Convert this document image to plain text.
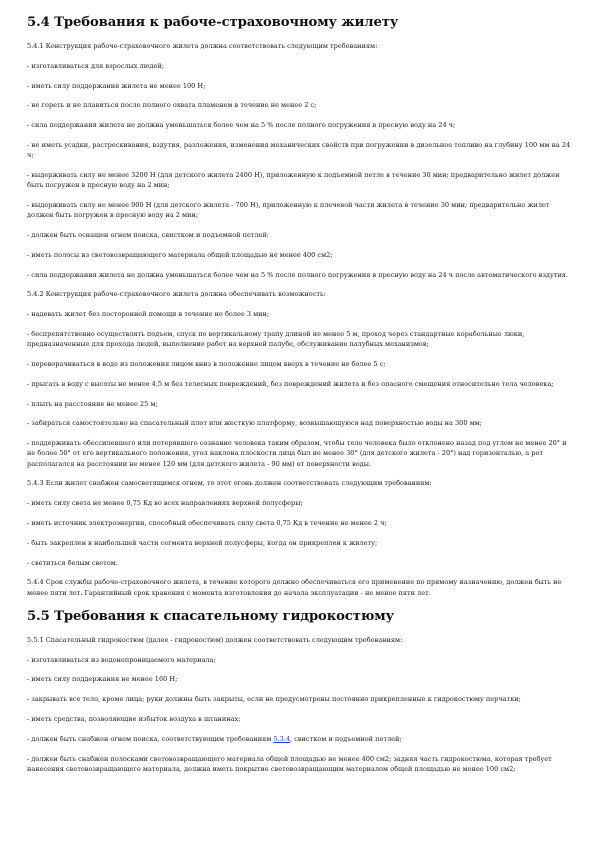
5.4 Требования к рабоче-страховочному жилету

5.4.1 Конструкция рабоче-страховочного жилета должна соответствовать следующим требованиям:

- изготавливаться для взрослых людей;

- иметь силу поддержания жилета не менее 100 Н;

- не гореть и не плавиться после полного охвата пламенем в течение не менее 2 с;

- сила поддержания жилета не должна уменьшаться более чем на 5 % после полного погружения в пресную воду на 24 ч;

- не иметь усадки, растрескивания, вздутия, разложения, изменения механических свойств при погружении в дизельное топливо на глубину 100 мм на 24 ч;

- выдерживать силу не менее 3200 Н (для детского жилета 2400 Н), приложенную к подъемной петле в течение 30 мин; предварительно жилет должен быть погружен в пресную воду на 2 мин;

- выдерживать силу не менее 900 Н (для детского жилета - 700 Н), приложенную к плечевой части жилета в течение 30 мин; предварительно жилет должен быть погружен в пресную воду на 2 мин;

- должен быть оснащен огнем поиска, свистком и подъемной петлей;

- иметь полосы из световозвращающего материала общей площадью не менее 400 см2;

- сила поддержания жилета не должна уменьшаться более чем на 5 % после полного погружения в пресную воду на 24 ч после автоматического вздутия.

5.4.2 Конструкция рабоче-страховочного жилета должна обеспечивать возможность:

- надевать жилет без посторонней помощи в течение не более 3 мин;

- беспрепятственно осуществлять подъем, спуск по вертикальному трапу длиной не менее 5 м, проход через стандартные корабельные люки, предназначенные для прохода людей, выполнение работ на верхней палубе, обслуживание палубных механизмов;

- переворачиваться в воде из положения лицом вниз в положение лицом вверх в течение не более 5 с;

- прыгать в воду с высоты не менее 4,5 м без телесных повреждений, без повреждений жилета и без опасного смещения относительно тела человека;

- плыть на расстояние не менее 25 м;

- забираться самостоятельно на спасательный плот или жесткую платформу, возвышающуюся над поверхностью воды на 300 мм;

- поддерживать обессилевшего или потерявшего сознание человека таким образом, чтобы тело человека было отклонено назад под углом не менее 20° и не более 50° от его вертикального положения, угол наклона плоскости лица был не менее 30° (для детского жилета - 20°) над горизонталью, а рот располагался на расстоянии не менее 120 мм (для детского жилета - 90 мм) от поверхности воды.

5.4.3 Если жилет снабжен самосветящимся огнем, то этот огонь должен соответствовать следующим требованиям:

- иметь силу света не менее 0,75 Кд во всех направлениях верхней полусферы;

- иметь источник электроэнергии, способный обеспечивать силу света 0,75 Кд в течение не менее 2 ч;

- быть закреплен в наибольшей части сегмента верхней полусферы, когда он прикреплен к жилету;

- светиться белым светом.

5.4.4 Срок службы рабоче-страховочного жилета, в течение которого должно обеспечиваться его применение по прямому назначению, должен быть не менее пяти лет. Гарантийный срок хранения с момента изготовления до начала эксплуатации - не менее пяти лет.

5.5 Требования к спасательному гидрокостюму

5.5.1 Спасательный гидрокостюм (далее - гидрокостюм) должен соответствовать следующим требованиям:

- изготавливаться из водонепроницаемого материала;

- иметь силу поддержания не менее 160 Н;

- закрывать все тело, кроме лица; руки должны быть закрыты, если не предусмотрены постоянно прикрепленные к гидрокостюму перчатки;

- иметь средства, позволяющие избыток воздуха в штанинах;

- должен быть снабжен огнем поиска, соответствующим требованиям 5.3.4, свистком и подъемной петлей;

- должен быть снабжен полосками световозвращающего материала общей площадью не менее 400 см2; задняя часть гидрокостюма, которая требует нанесения световозвращающего материала, должна иметь покрытие световозвращающим материалом общей площадью не менее 100 см2;
